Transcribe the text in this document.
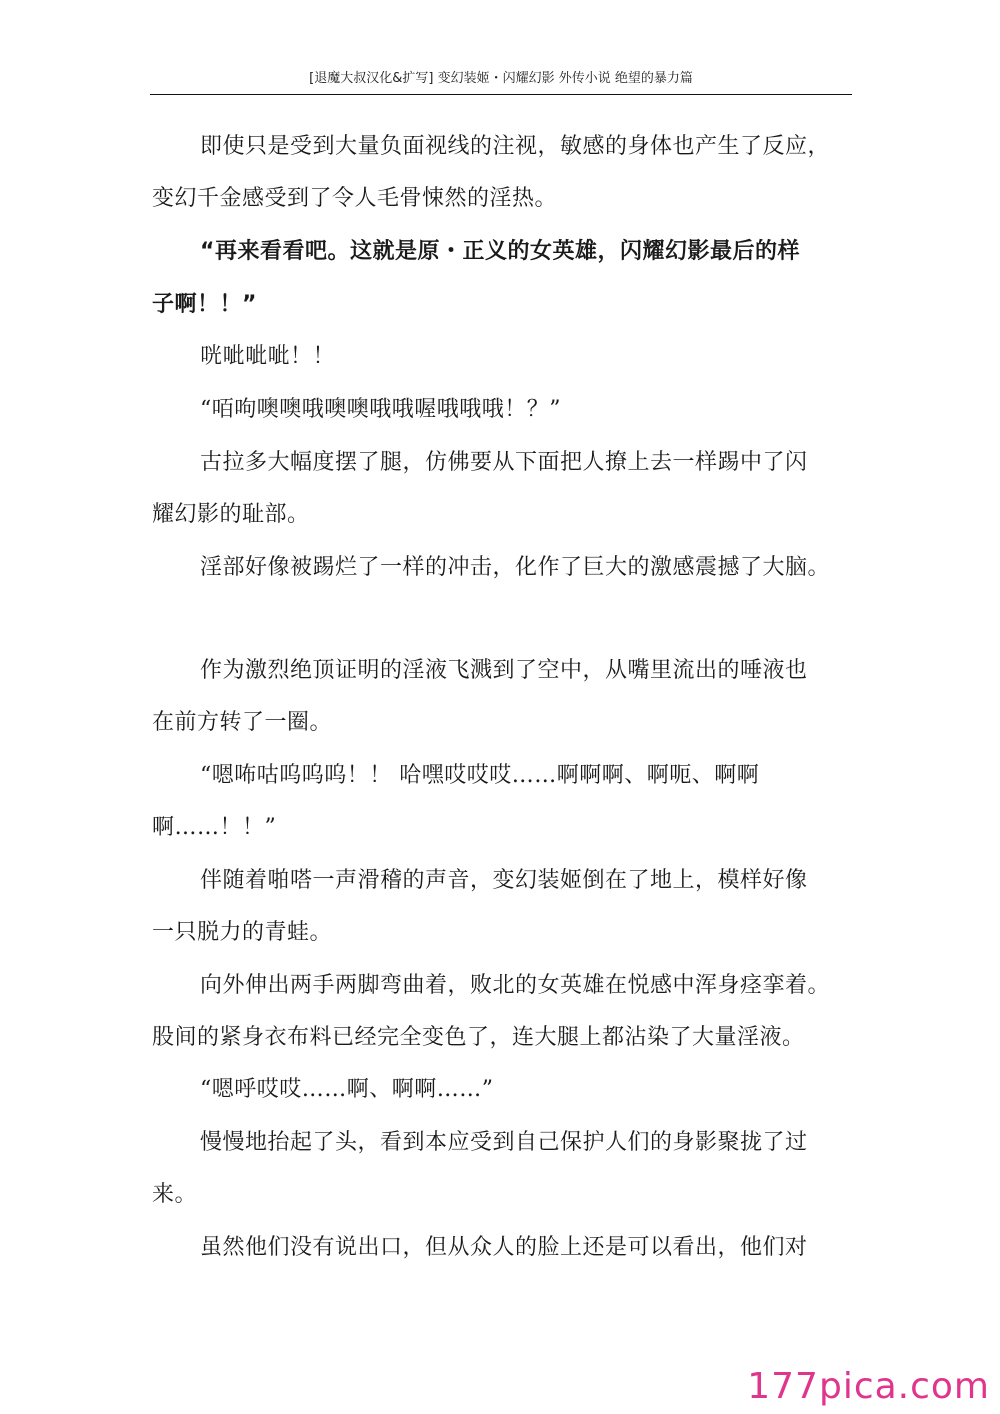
[退魔大叔汉化&扩写] 变幻装姬・闪耀幻影 外传小说 绝望的暴力篇
即使只是受到大量负面视线的注视，敏感的身体也产生了反应，
变幻千金感受到了令人毛骨悚然的淫热。
“再来看看吧。这就是原・正义的女英雄，闪耀幻影最后的样
子啊！！”
咣呲呲呲！！
“咟呴噢噢哦噢噢哦哦喔哦哦哦！？”
古拉多大幅度摆了腿，仿佛要从下面把人撩上去一样踢中了闪
耀幻影的耻部。
淫部好像被踢烂了一样的冲击，化作了巨大的激感震撼了大脑。
作为激烈绝顶证明的淫液飞溅到了空中，从嘴里流出的唾液也
在前方转了一圈。
“嗯咘咕呜呜呜！！ 哈嘿哎哎哎……啊啊啊、啊呃、啊啊
啊……！！”
伴随着啪嗒一声滑稽的声音，变幻装姬倒在了地上，模样好像
一只脱力的青蛙。
向外伸出两手两脚弯曲着，败北的女英雄在悦感中浑身痉挛着。
股间的紧身衣布料已经完全变色了，连大腿上都沾染了大量淫液。
“嗯呼哎哎……啊、啊啊……”
慢慢地抬起了头，看到本应受到自己保护人们的身影聚拢了过
来。
虽然他们没有说出口，但从众人的脸上还是可以看出，他们对
177pica.com
